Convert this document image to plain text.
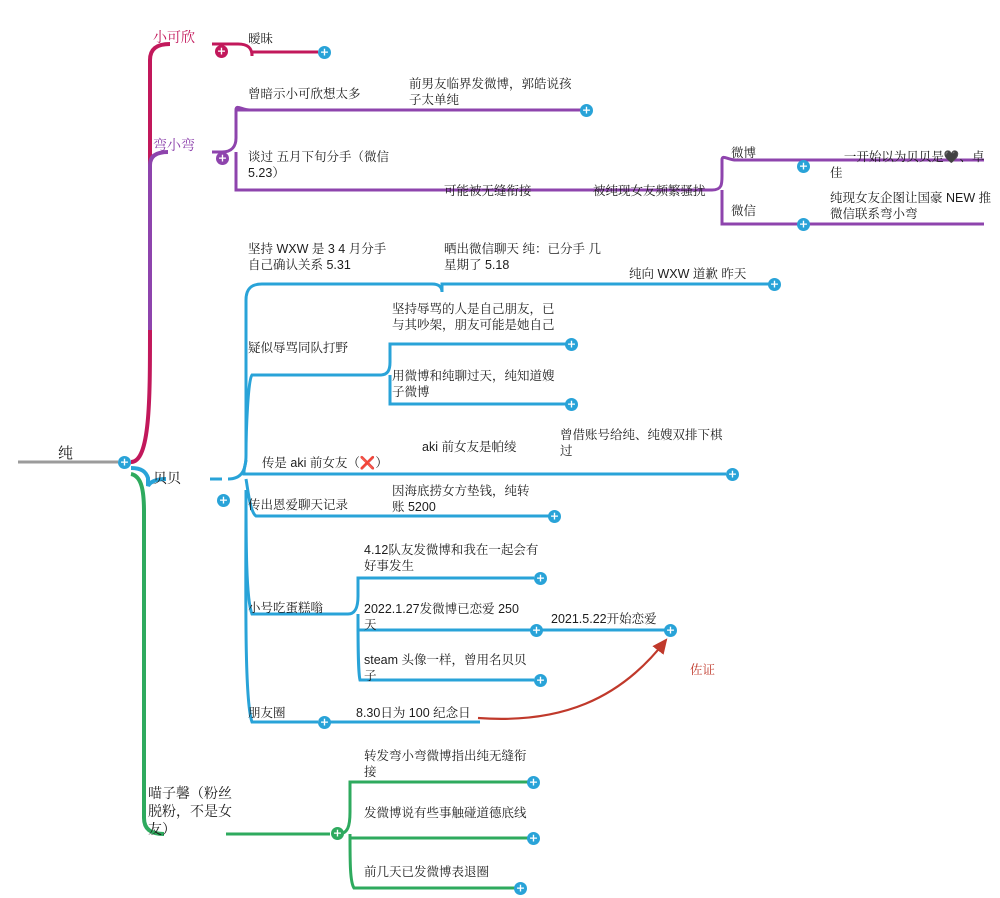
纯	+
小可欣	暧昧
+	+
弯小弯
+
曾暗示小可欣想太多
前男友临界发微博，郭皓说孩子太单纯
+
谈过 五月下旬分手（微信 5.23）
可能被无缝衔接	被纯现女友频繁骚扰
微博
+

一开始以为贝贝是🖤、卓佳

微信
+
纯现女友企图让国豪 NEW 推微信联系弯小弯
贝贝
+
坚持 WXW 是 3 4 月分手 自己确认关系 5.31
晒出微信聊天 纯：已分手 几星期了 5.18
纯向 WXW 道歉 昨天
+
疑似辱骂同队打野
坚持辱骂的人是自己朋友，已与其吵架，朋友可能是她自己
+
用微博和纯聊过天，纯知道嫂子微博
+

传是 aki 前女友（❌）

aki 前女友是帕绫
曾借账号给纯、纯嫂双排下棋过
+
传出恩爱聊天记录
因海底捞女方垫钱，纯转账 5200
+
小号吃蛋糕嗡
4.12队友发微博和我在一起会有好事发生
+
2022.1.27发微博已恋爱 250 天	+
2021.5.22开始恋爱
+
steam 头像一样，曾用名贝贝子	+
朋友圈
+
8.30日为 100 纪念日
佐证
喵子馨（粉丝脱粉，不是女友）	+
转发弯小弯微博指出纯无缝衔接
+
发微博说有些事触碰道德底线
+
前几天已发微博表退圈
+
